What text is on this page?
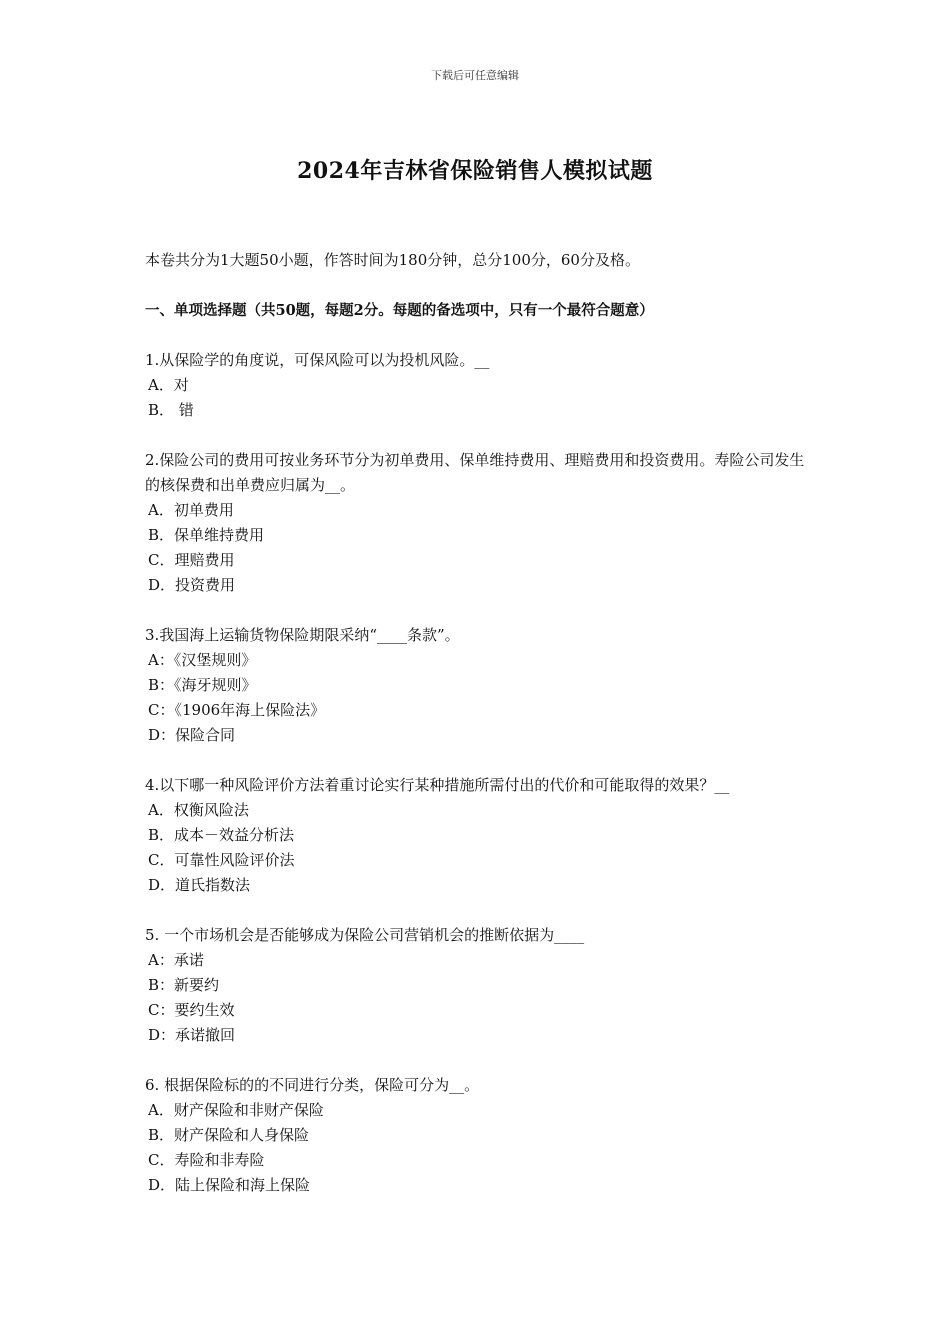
下载后可任意编辑
2024年吉林省保险销售人模拟试题

本卷共分为1大题50小题，作答时间为180分钟，总分100分，60分及格。

一、单项选择题（共50题，每题2分。每题的备选项中，只有一个最符合题意）

1.从保险学的角度说，可保风险可以为投机风险。__

A．对

B． 错

2.保险公司的费用可按业务环节分为初单费用、保单维持费用、理赔费用和投资费用。寿险公司发生的核保费和出单费应归属为__。

A．初单费用

B．保单维持费用

C．理赔费用

D．投资费用

3.我国海上运输货物保险期限采纳“____条款”。

A：《汉堡规则》

B：《海牙规则》

C：《1906年海上保险法》

D：保险合同

4.以下哪一种风险评价方法着重讨论实行某种措施所需付出的代价和可能取得的效果？__

A．权衡风险法

B．成本－效益分析法

C．可靠性风险评价法

D．道氏指数法

5. 一个市场机会是否能够成为保险公司营销机会的推断依据为____

A：承诺

B：新要约

C：要约生效

D：承诺撤回

6. 根据保险标的的不同进行分类，保险可分为__。

A．财产保险和非财产保险

B．财产保险和人身保险

C．寿险和非寿险

D．陆上保险和海上保险
